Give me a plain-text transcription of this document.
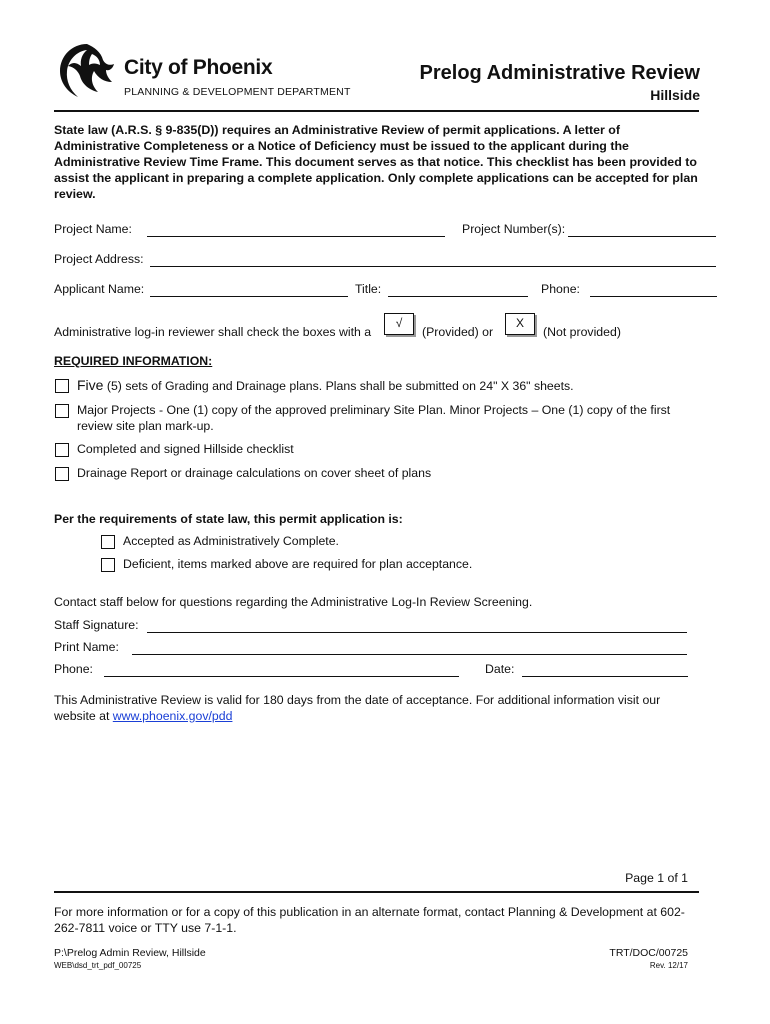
City of Phoenix
PLANNING & DEVELOPMENT DEPARTMENT
Prelog Administrative Review
Hillside
State law (A.R.S. § 9-835(D)) requires an Administrative Review of permit applications. A letter of Administrative Completeness or a Notice of Deficiency must be issued to the applicant during the Administrative Review Time Frame. This document serves as that notice. This checklist has been provided to assist the applicant in preparing a complete application. Only complete applications can be accepted for plan review.
Project Name:	Project Number(s):
Project Address:
Applicant Name:	Title:	Phone:
Administrative log-in reviewer shall check the boxes with a
√
(Provided) or
X
(Not provided)
REQUIRED INFORMATION:
Five (5) sets of Grading and Drainage plans. Plans shall be submitted on 24" X 36" sheets.
Major Projects - One (1) copy of the approved preliminary Site Plan. Minor Projects – One (1) copy of the first review site plan mark-up.
Completed and signed Hillside checklist
Drainage Report or drainage calculations on cover sheet of plans
Per the requirements of state law, this permit application is:
Accepted as Administratively Complete.
Deficient, items marked above are required for plan acceptance.
Contact staff below for questions regarding the Administrative Log-In Review Screening.
Staff Signature:
Print Name:
Phone:	Date:
This Administrative Review is valid for 180 days from the date of acceptance. For additional information visit our website at www.phoenix.gov/pdd
Page 1 of 1
For more information or for a copy of this publication in an alternate format, contact Planning & Development at 602-262-7811 voice or TTY use 7-1-1.
P:\Prelog Admin Review, Hillside
WEB\dsd_trt_pdf_00725
TRT/DOC/00725
Rev. 12/17
